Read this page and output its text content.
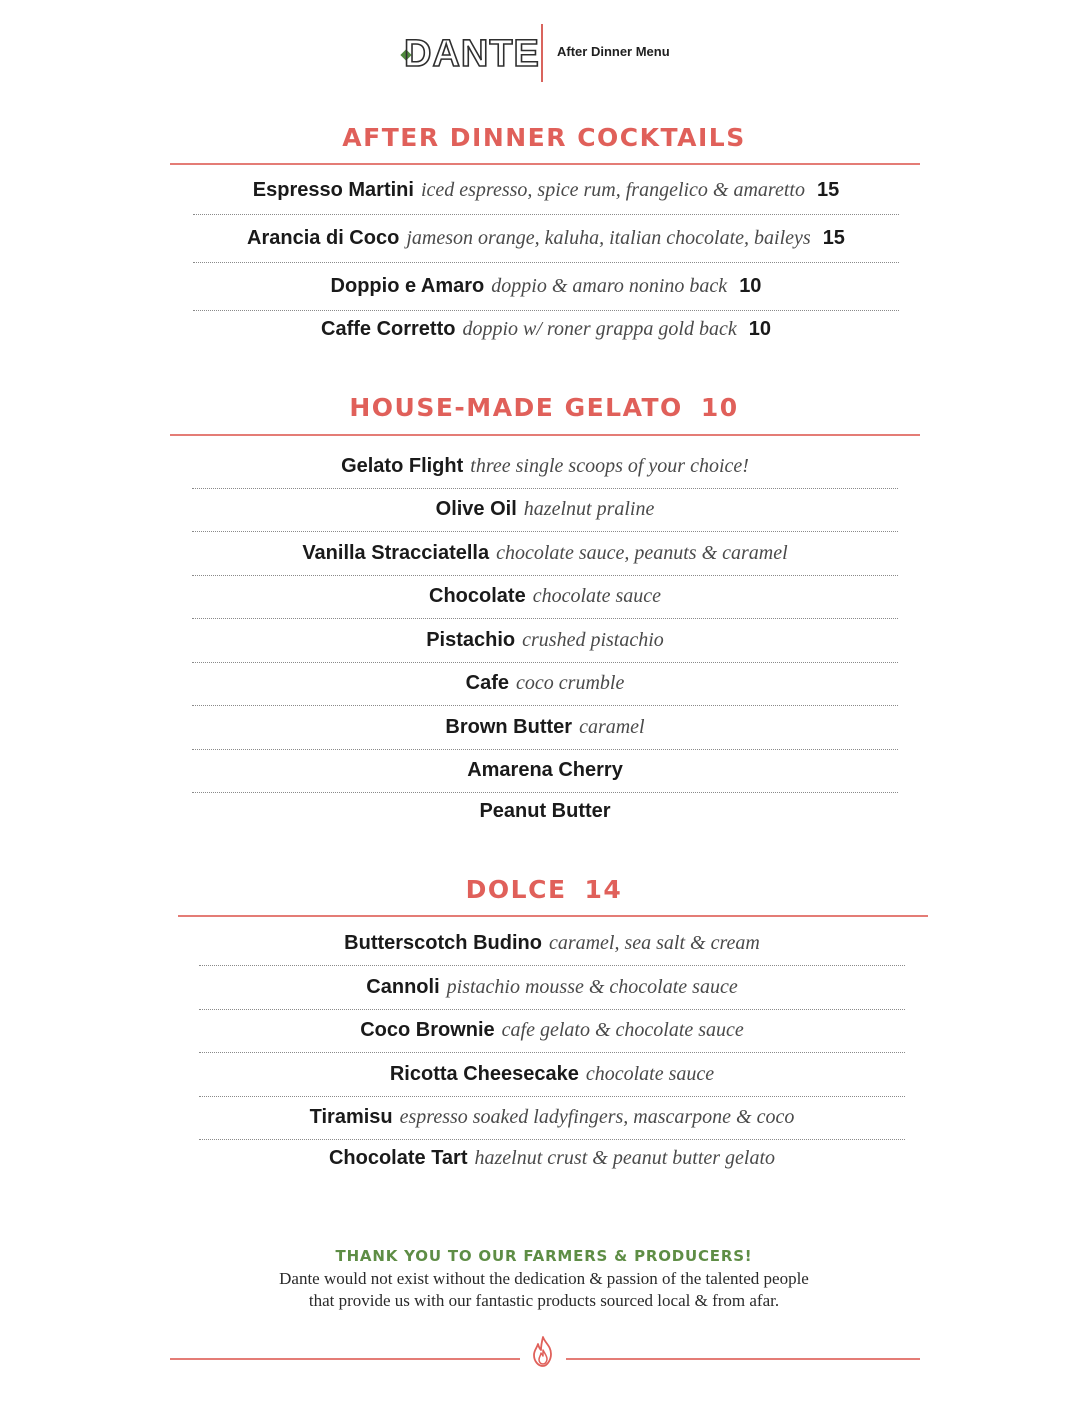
DANTE After Dinner Menu
AFTER DINNER COCKTAILS
Espresso Martini iced espresso, spice rum, frangelico & amaretto 15
Arancia di Coco jameson orange, kaluha, italian chocolate, baileys 15
Doppio e Amaro doppio & amaro nonino back 10
Caffe Corretto doppio w/ roner grappa gold back 10
HOUSE-MADE GELATO 10
Gelato Flight three single scoops of your choice!
Olive Oil hazelnut praline
Vanilla Stracciatella chocolate sauce, peanuts & caramel
Chocolate chocolate sauce
Pistachio crushed pistachio
Cafe coco crumble
Brown Butter caramel
Amarena Cherry
Peanut Butter
DOLCE 14
Butterscotch Budino caramel, sea salt & cream
Cannoli pistachio mousse & chocolate sauce
Coco Brownie cafe gelato & chocolate sauce
Ricotta Cheesecake chocolate sauce
Tiramisu espresso soaked ladyfingers, mascarpone & coco
Chocolate Tart hazelnut crust & peanut butter gelato
THANK YOU TO OUR FARMERS & PRODUCERS!
Dante would not exist without the dedication & passion of the talented people
that provide us with our fantastic products sourced local & from afar.
